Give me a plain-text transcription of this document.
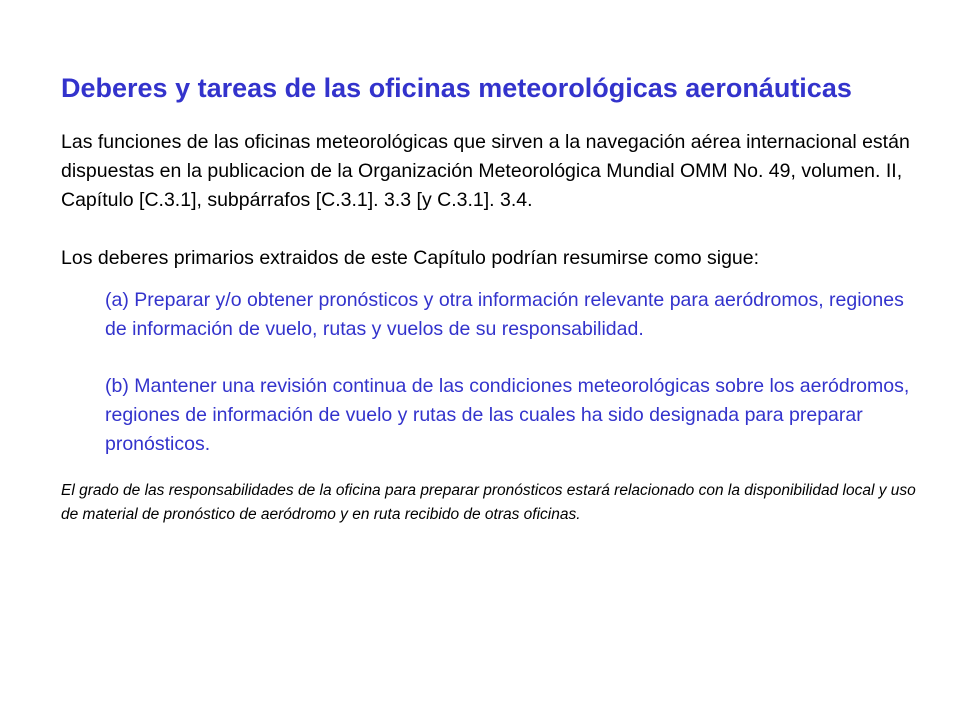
Deberes y tareas de las oficinas meteorológicas aeronáuticas

Las funciones de las oficinas meteorológicas que sirven a la navegación aérea internacional están dispuestas en la publicacion de la Organización Meteorológica Mundial OMM No. 49, volumen. II, Capítulo [C.3.1], subpárrafos [C.3.1]. 3.3 [y C.3.1]. 3.4.

Los deberes primarios extraidos de este Capítulo podrían resumirse como sigue:

(a) Preparar y/o obtener pronósticos y otra información relevante para aeródromos, regiones de información de vuelo, rutas y vuelos de su responsabilidad.

(b) Mantener una revisión continua de las condiciones meteorológicas sobre los aeródromos, regiones de información de vuelo y rutas de las cuales ha sido designada para preparar pronósticos.

El grado de las responsabilidades de la oficina para preparar pronósticos estará relacionado con la disponibilidad local y uso de material de pronóstico de aeródromo y en ruta recibido de otras oficinas.
